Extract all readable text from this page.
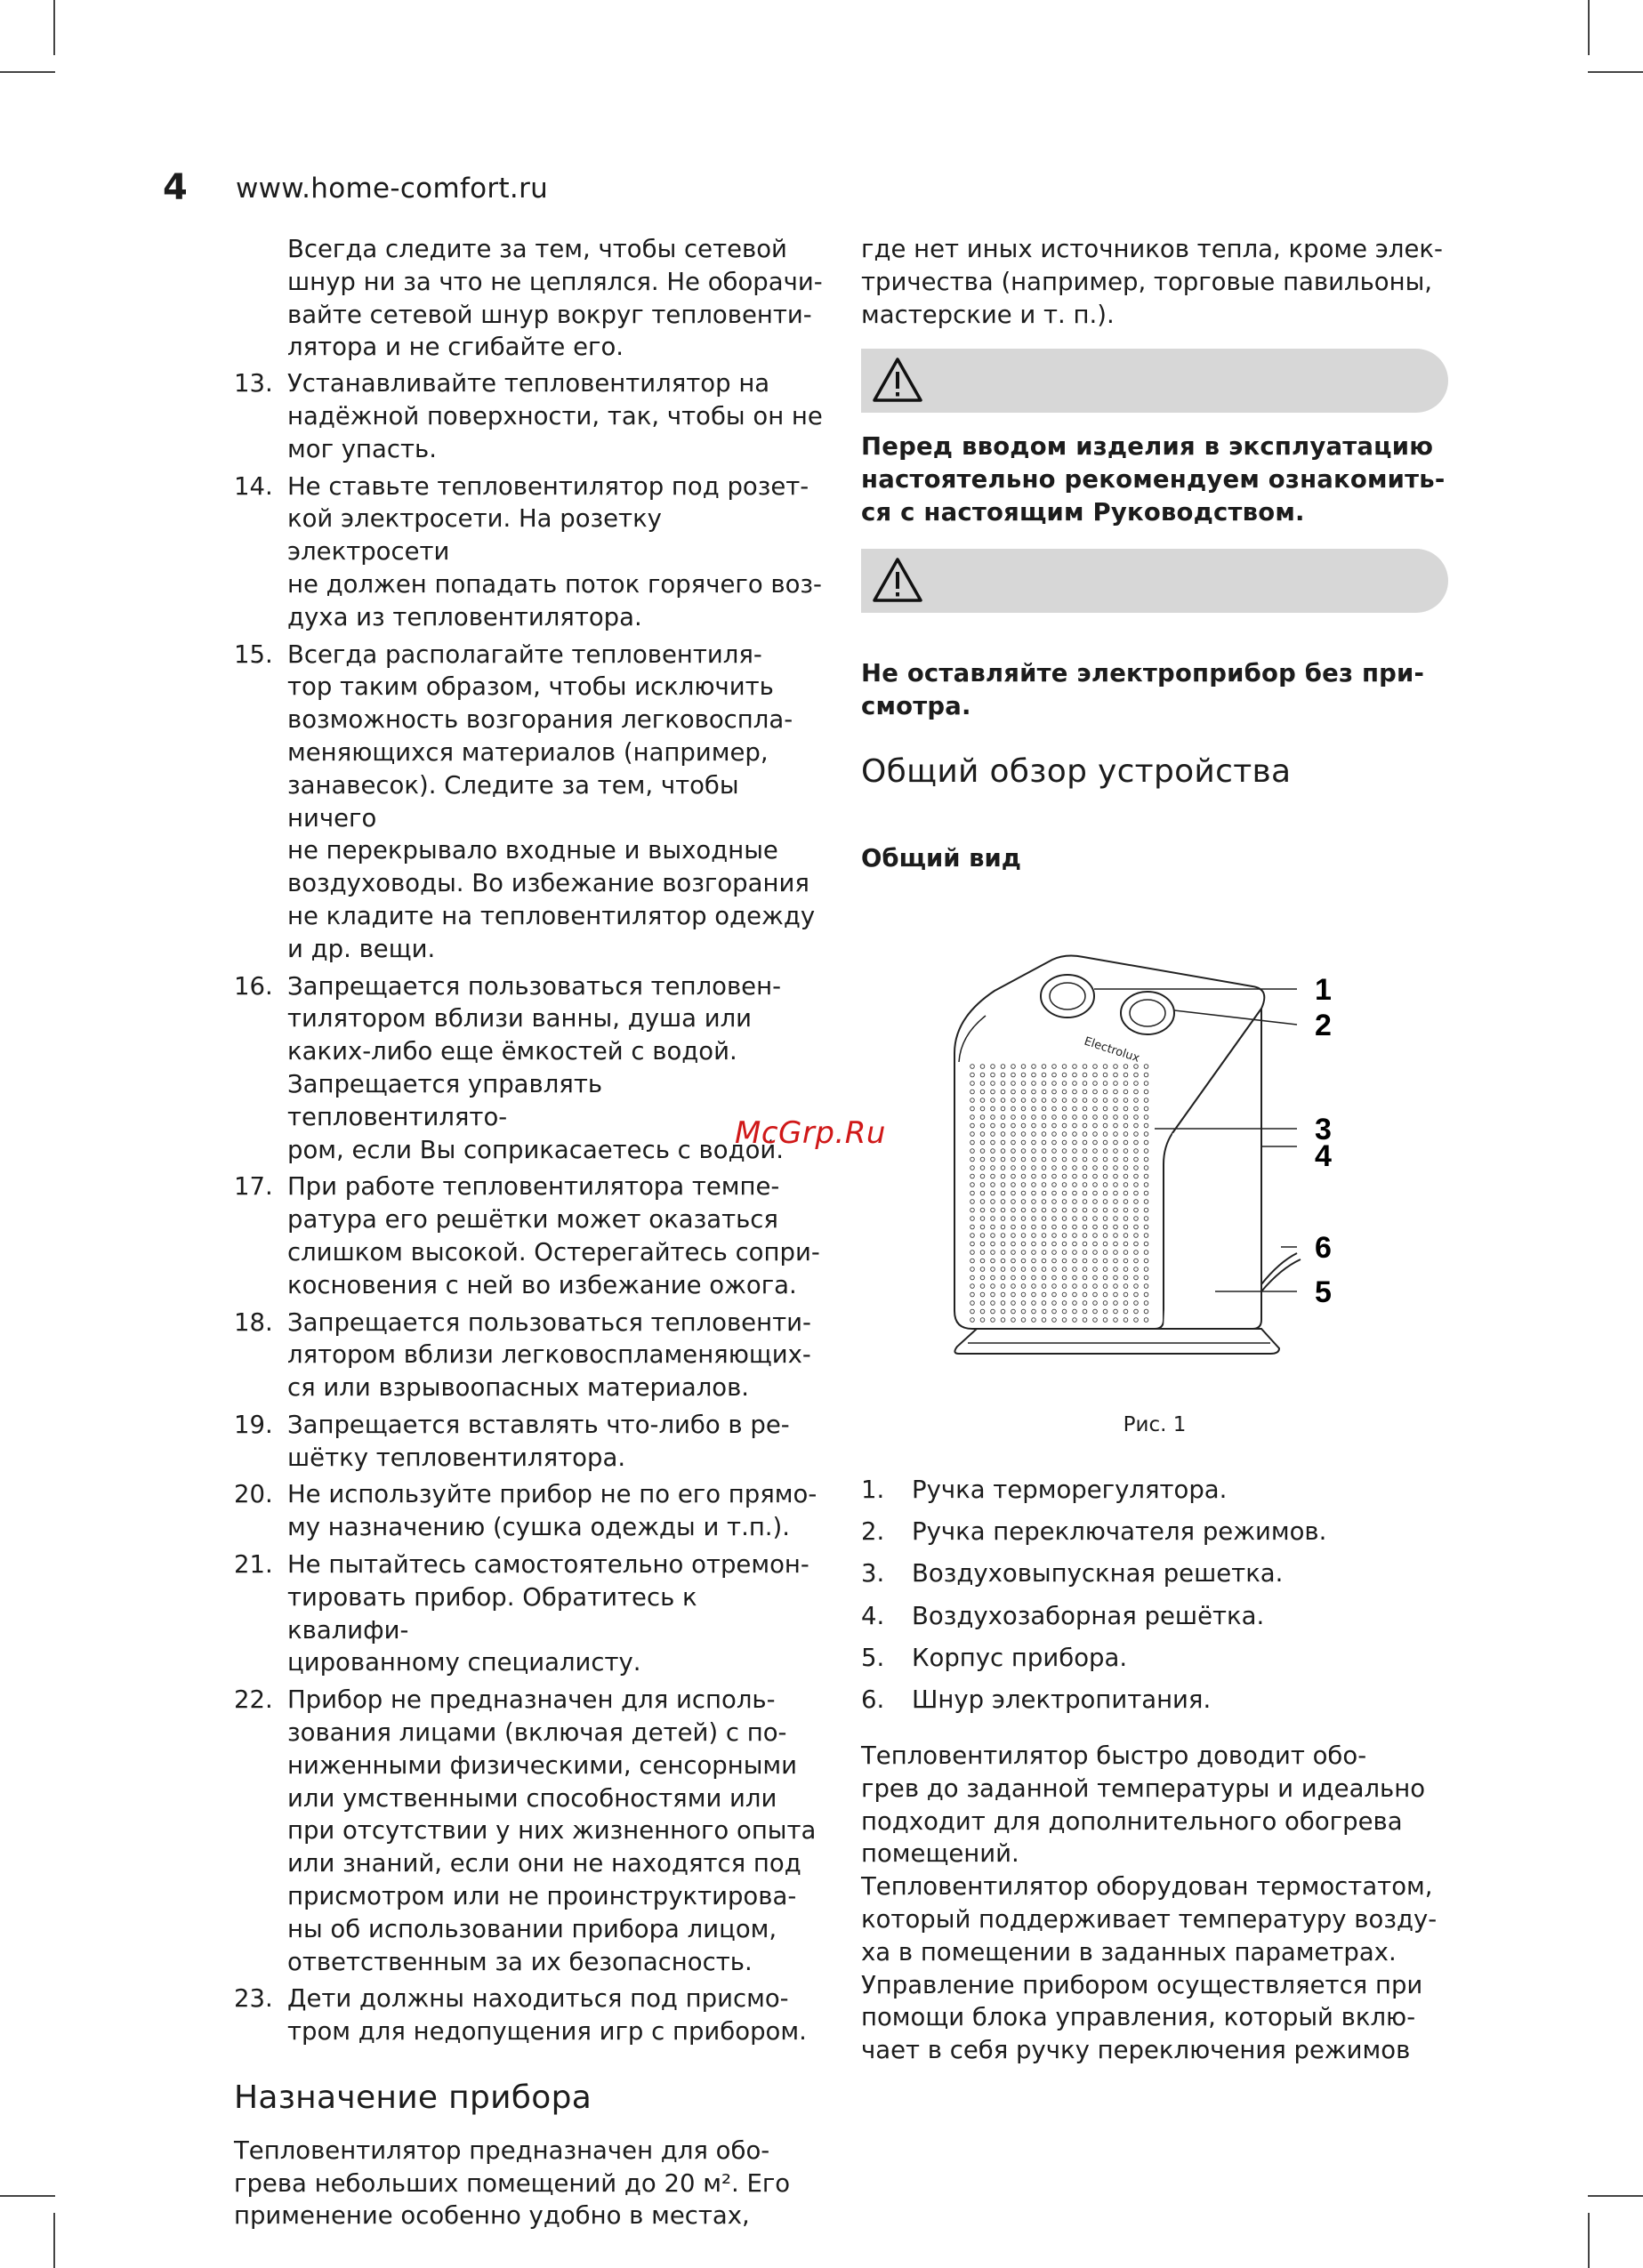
4 www.home-comfort.ru
Всегда следите за тем, чтобы сетевой
шнур ни за что не цеплялся. Не оборачи-
вайте сетевой шнур вокруг тепловенти-
лятора и не сгибайте его.
13. Устанавливайте тепловентилятор на
надёжной поверхности, так, чтобы он не
мог упасть.
14. Не ставьте тепловентилятор под розет-
кой электросети. На розетку электросети
не должен попадать поток горячего воз-
духа из тепловентилятора.
15. Всегда располагайте тепловентиля-
тор таким образом, чтобы исключить
возможность возгорания легковоспла-
меняющихся материалов (например,
занавесок). Следите за тем, чтобы ничего
не перекрывало входные и выходные
воздуховоды. Во избежание возгорания
не кладите на тепловентилятор одежду
и др. вещи.
16. Запрещается пользоваться тепловен-
тилятором вблизи ванны, душа или
каких-либо еще ёмкостей с водой.
Запрещается управлять тепловентилято-
ром, если Вы соприкасаетесь с водой.
17. При работе тепловентилятора темпе-
ратура его решётки может оказаться
слишком высокой. Остерегайтесь сопри-
косновения с ней во избежание ожога.
18. Запрещается пользоваться тепловенти-
лятором вблизи легковоспламеняющих-
ся или взрывоопасных материалов.
19. Запрещается вставлять что-либо в ре-
шётку тепловентилятора.
20. Не используйте прибор не по его прямо-
му назначению (сушка одежды и т.п.).
21. Не пытайтесь самостоятельно отремон-
тировать прибор. Обратитесь к квалифи-
цированному специалисту.
22. Прибор не предназначен для исполь-
зования лицами (включая детей) с по-
ниженными физическими, сенсорными
или умственными способностями или
при отсутствии у них жизненного опыта
или знаний, если они не находятся под
присмотром или не проинструктирова-
ны об использовании прибора лицом,
ответственным за их безопасность.
23. Дети должны находиться под присмо-
тром для недопущения игр с прибором.
Назначение прибора
Тепловентилятор предназначен для обо-
грева небольших помещений до 20 м². Его
применение особенно удобно в местах,
где нет иных источников тепла, кроме элек-
тричества (например, торговые павильоны,
мастерские и т. п.).
Перед вводом изделия в эксплуатацию
настоятельно рекомендуем ознакомить-
ся с настоящим Руководством.
Не оставляйте электроприбор без при-
смотра.
Общий обзор устройства
Общий вид
Electrolux
1
2
3
4
6
5
Рис. 1
1. Ручка терморегулятора.
2. Ручка переключателя режимов.
3. Воздуховыпускная решетка.
4. Воздухозаборная решётка.
5. Корпус прибора.
6. Шнур электропитания.
Тепловентилятор быстро доводит обо-
грев до заданной температуры и идеально
подходит для дополнительного обогрева
помещений.
Тепловентилятор оборудован термостатом,
который поддерживает температуру возду-
ха в помещении в заданных параметрах.
Управление прибором осуществляется при
помощи блока управления, который вклю-
чает в себя ручку переключения режимов
McGrp.Ru
